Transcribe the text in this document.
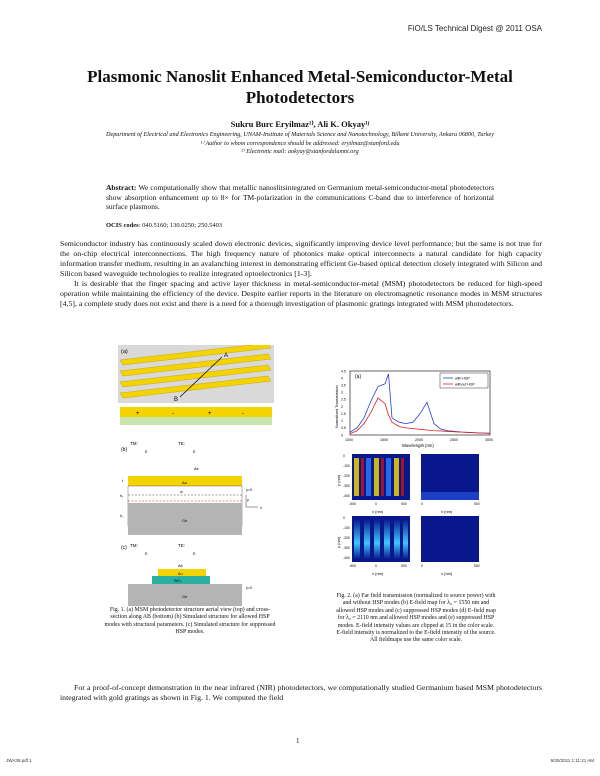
FiO/LS Technical Digest @ 2011 OSA
Plasmonic Nanoslit Enhanced Metal-Semiconductor-Metal Photodetectors
Sukru Burc Eryilmaz¹⁾, Ali K. Okyay¹ʲ
Department of Electrical and Electronics Engineering, UNAM-Institute of Materials Science and Nanotechnology, Bilkent University, Ankara 06800, Turkey
¹⁾ Author to whom correspondence should be addressed: eryilmaz@stanford.edu
²⁾ Electronic mail: aokyay@stanfordalumni.org
Abstract: We computationally show that metallic nanoslitsintegrated on Germanium metal-semiconductor-metal photodetectors show absorption enhancement up to 8× for TM-polarization in the communications C-band due to interference of horizontal surface plasmons.
OCIS codes: 040.5160; 130.0250; 250.5403
Semiconductor industry has continuously scaled down electronic devices, significantly improving device level performance; but the same is not true for the on-chip electrical interconnections. The high frequency nature of photonics make optical interconnects a natural candidate for high capacity information transfer medium, resulting in an avalanching interest in demonstrating efficient Ge-based optical detection closely integrated with Silicon and Silicon based waveguide technologies to realize integrated optoelectronics [1-3].
It is desirable that the finger spacing and active layer thickness in metal-semiconductor-metal (MSM) photodetectors be reduced for high-speed operation while maintaining the efficiency of the device. Despite earlier reports in the literature on electromagnetic resonance modes in MSM structures [4,5], a complete study does not exist and there is a need for a thorough investigation of plasmonic gratings integrated with MSM photodetectors.
A
B
(a)
+	-	+	-
(b)
TM:	TE:
E	E
Air
Au
Ge
t
w
h₁
h₂
y=0
x
y
(c) TM:	TE:
E	E
Air
Au
SiO₂
Ge
y=0
Fig. 1. (a) MSM photodetector structure aerial view (top) and cross-section along AB (bottom) (b) Simulated structure for allowed HSP modes with structural parameters. (c) Simulated structure for suppressed HSP modes.
(a)
Normalized Transmission
Wavelength (nm)
1000	1500	2000	2500	3000
0
0.5
1
1.5
2
2.5
3
3.5
4
4.5
with HSP
without HSP
0
-100
-200
-300
-400
0
-100
-200
-300
-400
-500	0	500	0	500
-500	0	500	0	500
y (nm)
y (nm)
x (nm)	x (nm)
x (nm)	x (nm)
Fig. 2. (a) Far field transmission (normalized to source power) with and without HSP modes (b) E-field map for λ₀ = 1550 nm and allowed HSP modes and (c) suppressed HSP modes (d) E-field map for λ₀ = 2110 nm and allowed HSP modes and (e) suppressed HSP modes. E-field intensity values are clipped at 15 in the color scale. E-field intensity is normalized to the E-field intensity of the source. All fieldmaps use the same color scale.
For a proof-of-concept demonstration in the near infrared (NIR) photodetectors, we computationally studied Germanium based MSM photodetectors integrated with gold gratings as shown in Fig. 1. We computed the field
1
JWA39.pdf 1	9/30/2011 1:11:21 AM
